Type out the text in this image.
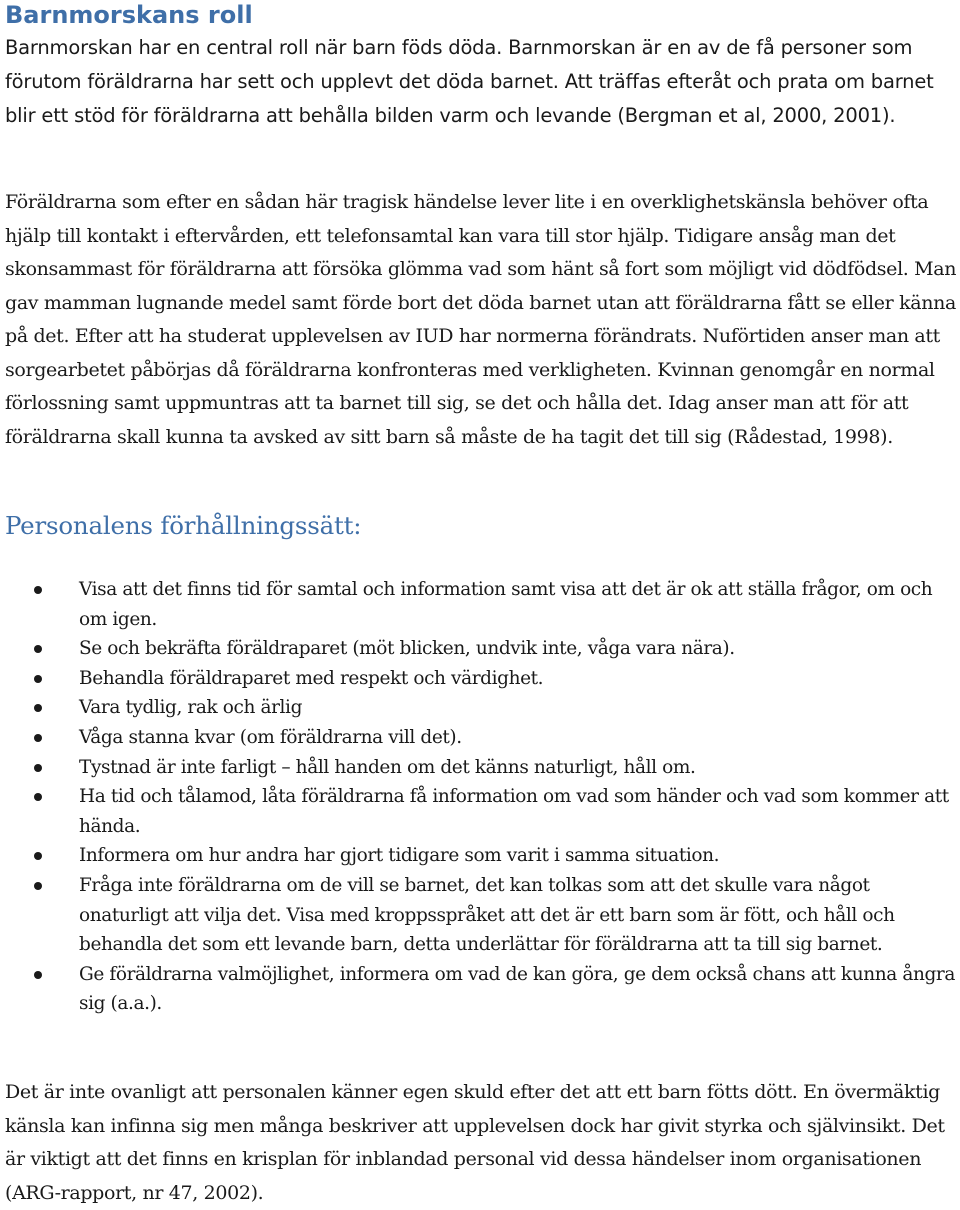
Barnmorskans roll

Barnmorskan har en central roll när barn föds döda. Barnmorskan är en av de få personer som förutom föräldrarna har sett och upplevt det döda barnet. Att träffas efteråt och prata om barnet blir ett stöd för föräldrarna att behålla bilden varm och levande (Bergman et al, 2000, 2001).

Föräldrarna som efter en sådan här tragisk händelse lever lite i en overklighetskänsla behöver ofta hjälp till kontakt i eftervården, ett telefonsamtal kan vara till stor hjälp. Tidigare ansåg man det skonsammast för föräldrarna att försöka glömma vad som hänt så fort som möjligt vid dödfödsel. Man gav mamman lugnande medel samt förde bort det döda barnet utan att föräldrarna fått se eller känna på det. Efter att ha studerat upplevelsen av IUD har normerna förändrats. Nuförtiden anser man att sorgearbetet påbörjas då föräldrarna konfronteras med verkligheten. Kvinnan genomgår en normal förlossning samt uppmuntras att ta barnet till sig, se det och hålla det. Idag anser man att för att föräldrarna skall kunna ta avsked av sitt barn så måste de ha tagit det till sig (Rådestad, 1998).

Personalens förhållningssätt:
Visa att det finns tid för samtal och information samt visa att det är ok att ställa frågor, om och om igen.
Se och bekräfta föräldraparet (möt blicken, undvik inte, våga vara nära).
Behandla föräldraparet med respekt och värdighet.
Vara tydlig, rak och ärlig
Våga stanna kvar (om föräldrarna vill det).
Tystnad är inte farligt – håll handen om det känns naturligt, håll om.
Ha tid och tålamod, låta föräldrarna få information om vad som händer och vad som kommer att hända.
Informera om hur andra har gjort tidigare som varit i samma situation.
Fråga inte föräldrarna om de vill se barnet, det kan tolkas som att det skulle vara något onaturligt att vilja det. Visa med kroppsspråket att det är ett barn som är fött, och håll och behandla det som ett levande barn, detta underlättar för föräldrarna att ta till sig barnet.
Ge föräldrarna valmöjlighet, informera om vad de kan göra, ge dem också chans att kunna ångra sig (a.a.).

Det är inte ovanligt att personalen känner egen skuld efter det att ett barn fötts dött. En övermäktig känsla kan infinna sig men många beskriver att upplevelsen dock har givit styrka och självinsikt. Det är viktigt att det finns en krisplan för inblandad personal vid dessa händelser inom organisationen (ARG-rapport, nr 47, 2002).
